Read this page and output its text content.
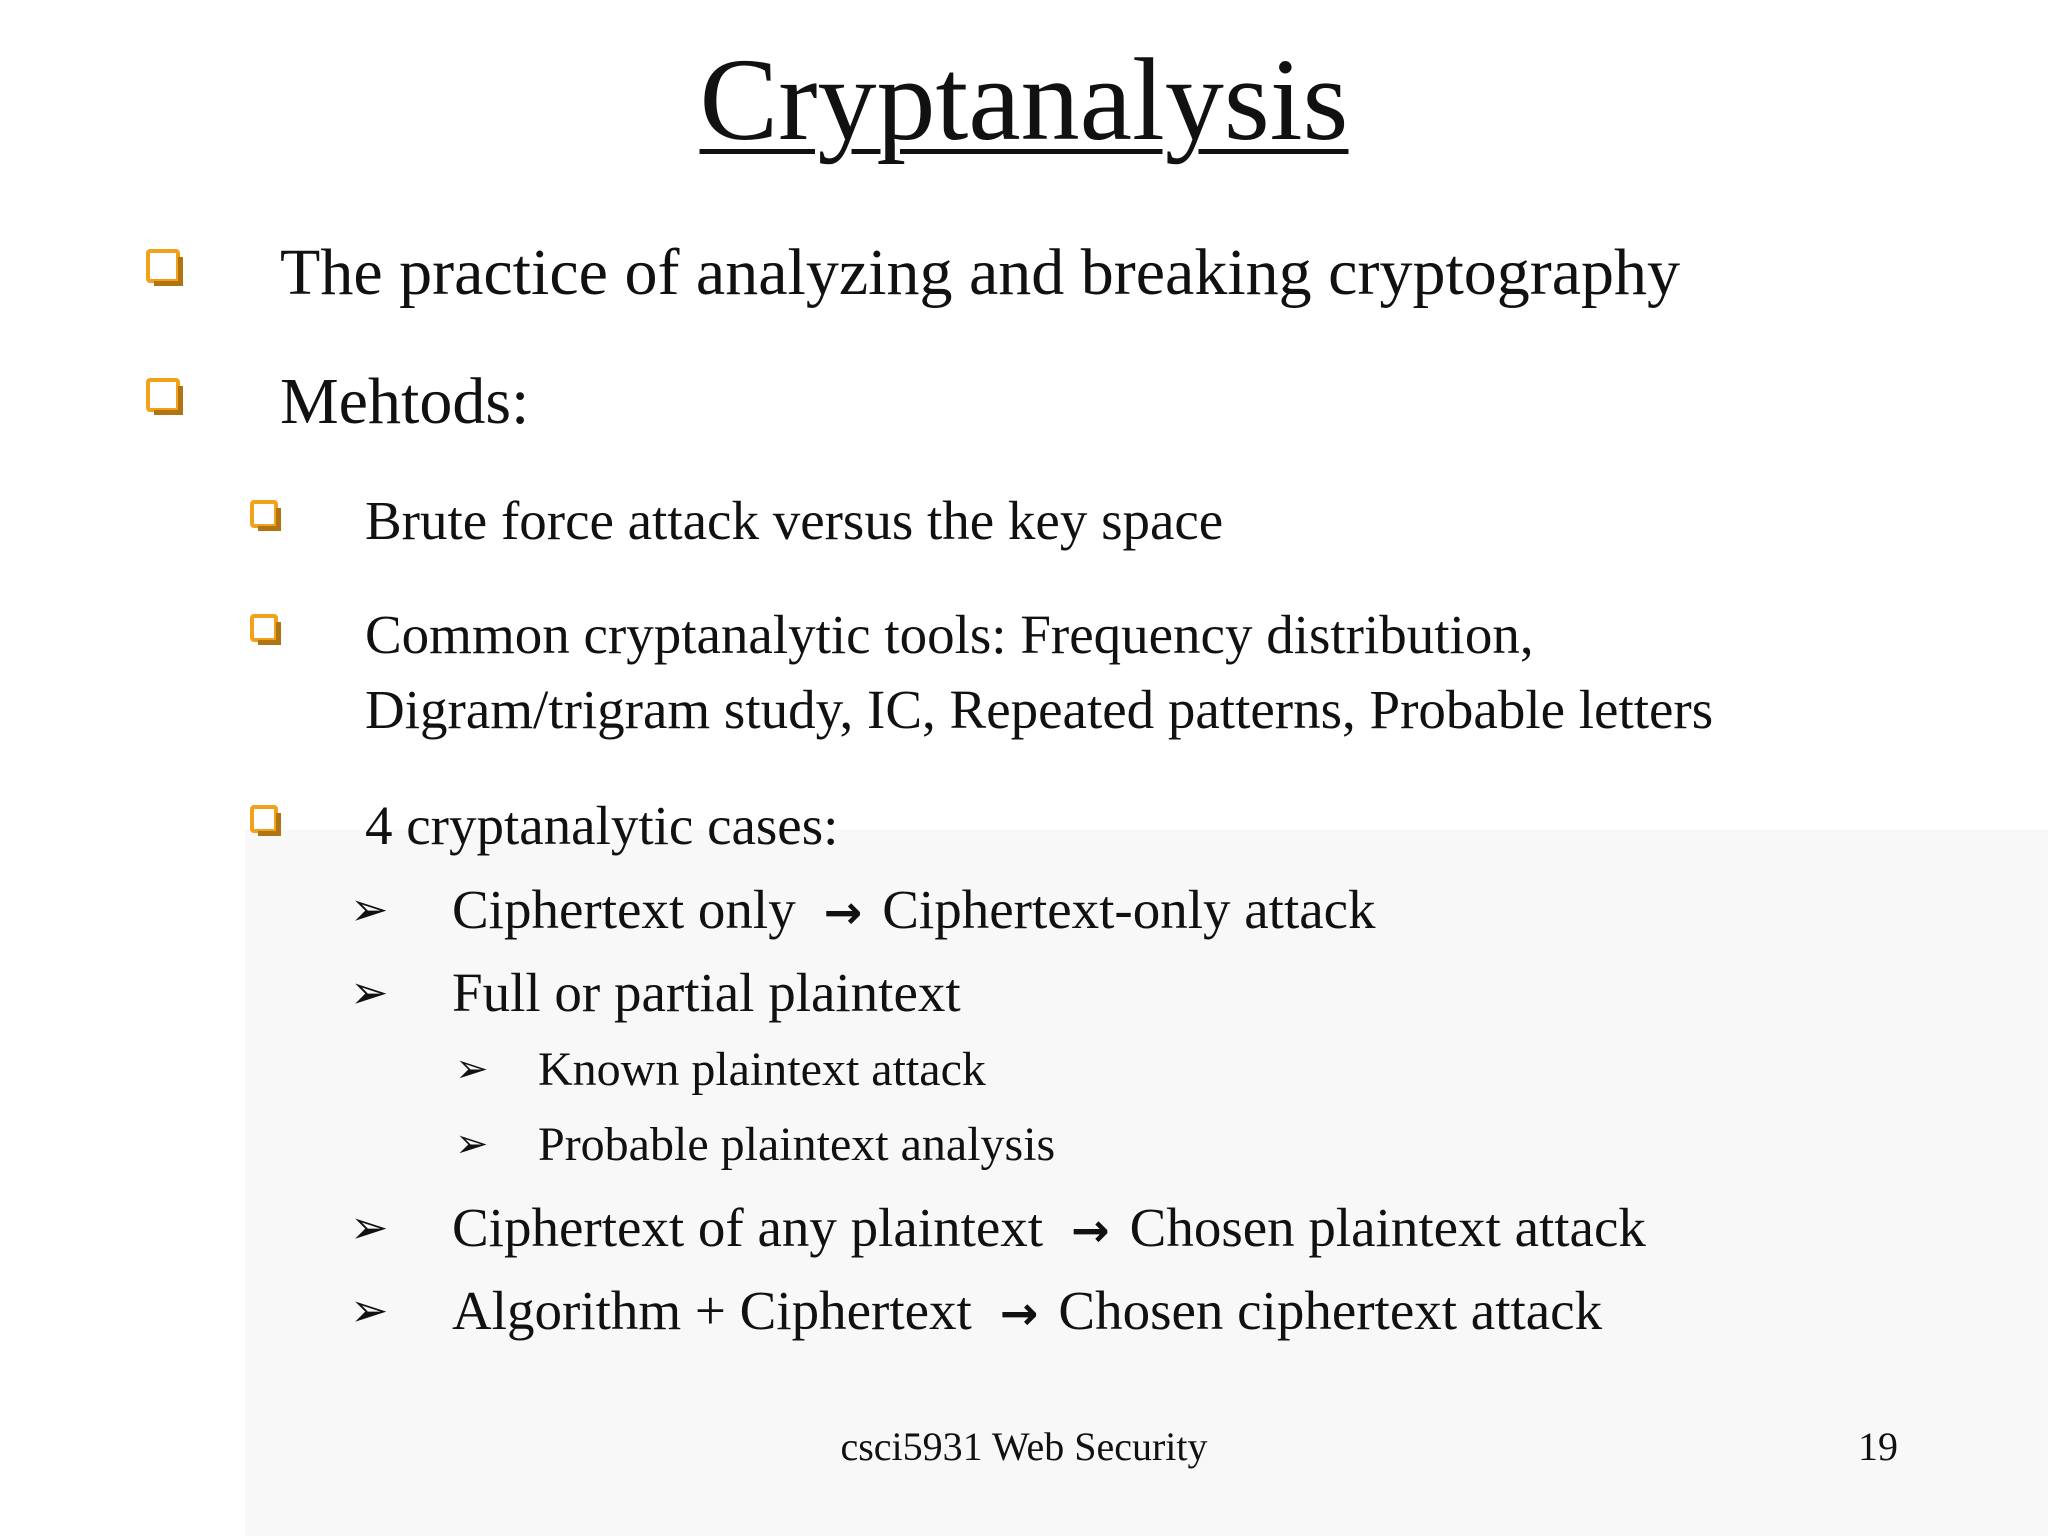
Cryptanalysis
The practice of analyzing and breaking cryptography
Mehtods:
Brute force attack versus the key space
Common cryptanalytic tools: Frequency distribution,
Digram/trigram study, IC, Repeated patterns, Probable letters
4 cryptanalytic cases:
➢ Ciphertext only → Ciphertext-only attack
➢ Full or partial plaintext
➢ Known plaintext attack
➢ Probable plaintext analysis
➢ Ciphertext of any plaintext → Chosen plaintext attack
➢ Algorithm + Ciphertext → Chosen ciphertext attack
csci5931 Web Security	19
